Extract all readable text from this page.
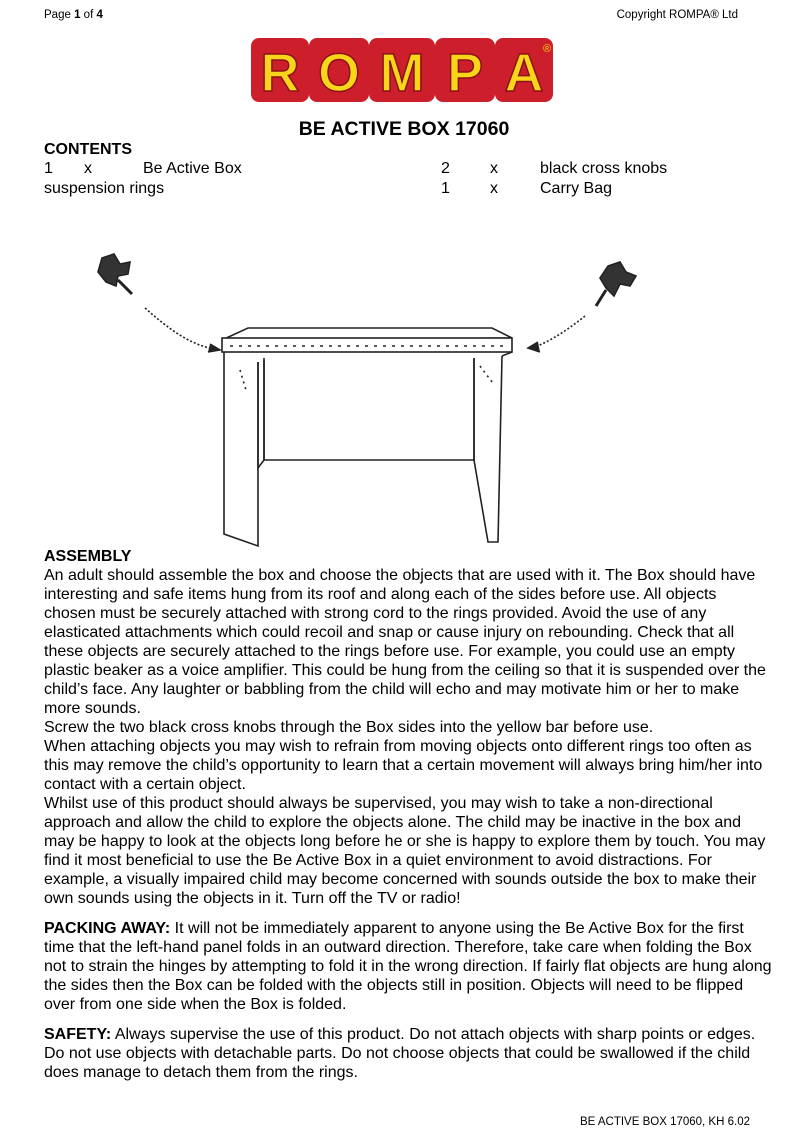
Page 1 of 4	Copyright ROMPA® Ltd
R O M P A ®
BE ACTIVE BOX 17060
CONTENTS
1 x	Be Active Box	2	x	black cross knobs
suspension rings	1	x	Carry Bag

ASSEMBLY

An adult should assemble the box and choose the objects that are used with it. The Box should have interesting and safe items hung from its roof and along each of the sides before use. All objects chosen must be securely attached with strong cord to the rings provided. Avoid the use of any elasticated attachments which could recoil and snap or cause injury on rebounding. Check that all these objects are securely attached to the rings before use. For example, you could use an empty plastic beaker as a voice amplifier. This could be hung from the ceiling so that it is suspended over the child’s face. Any laughter or babbling from the child will echo and may motivate him or her to make more sounds.

Screw the two black cross knobs through the Box sides into the yellow bar before use.

When attaching objects you may wish to refrain from moving objects onto different rings too often as this may remove the child’s opportunity to learn that a certain movement will always bring him/her into contact with a certain object.

Whilst use of this product should always be supervised, you may wish to take a non-directional approach and allow the child to explore the objects alone. The child may be inactive in the box and may be happy to look at the objects long before he or she is happy to explore them by touch. You may find it most beneficial to use the Be Active Box in a quiet environment to avoid distractions. For example, a visually impaired child may become concerned with sounds outside the box to make their own sounds using the objects in it. Turn off the TV or radio!

PACKING AWAY: It will not be immediately apparent to anyone using the Be Active Box for the first time that the left-hand panel folds in an outward direction. Therefore, take care when folding the Box not to strain the hinges by attempting to fold it in the wrong direction. If fairly flat objects are hung along the sides then the Box can be folded with the objects still in position. Objects will need to be flipped over from one side when the Box is folded.

SAFETY: Always supervise the use of this product. Do not attach objects with sharp points or edges. Do not use objects with detachable parts. Do not choose objects that could be swallowed if the child does manage to detach them from the rings.

BE ACTIVE BOX 17060, KH 6.02
